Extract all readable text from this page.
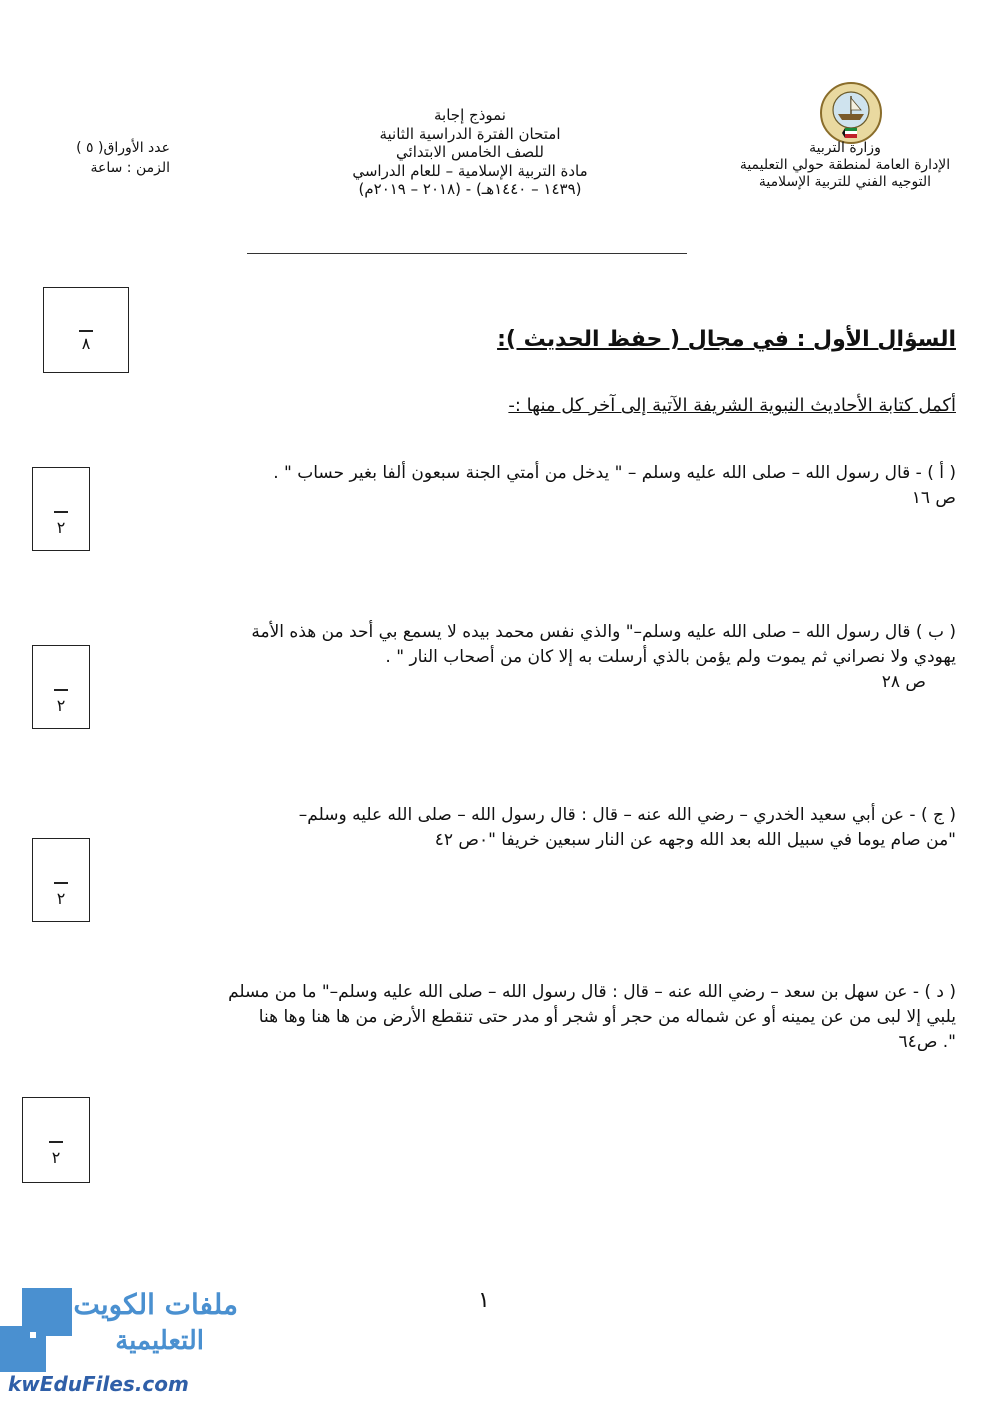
وزارة التربية
الإدارة العامة لمنطقة حولي التعليمية
التوجيه الفني للتربية الإسلامية
نموذج إجابة
امتحان الفترة الدراسية الثانية
للصف الخامس الابتدائي
مادة التربية الإسلامية – للعام الدراسي
(١٤٣٩ – ١٤٤٠هـ) - (٢٠١٨ – ٢٠١٩م)
عدد الأوراق( ٥ )
الزمن : ساعة
٨	السؤال الأول : في مجال ( حفظ الحديث ):
أكمل كتابة الأحاديث النبوية الشريفة الآتية إلى آخر كل منها :-
٢
( أ ) - قال رسول الله – صلى الله عليه وسلم – " يدخل من أمتي الجنة سبعون ألفا بغير حساب " .
ص ١٦
٢
( ب ) قال رسول الله – صلى الله عليه وسلم–" والذي نفس محمد بيده لا يسمع بي أحد من هذه الأمة
يهودي ولا نصراني ثم يموت ولم يؤمن بالذي أرسلت به إلا كان من أصحاب النار " .
ص ٢٨
٢
( ج ) - عن أبي سعيد الخدري – رضي الله عنه – قال : قال رسول الله – صلى الله عليه وسلم–
"من صام يوما في سبيل الله بعد الله وجهه عن النار سبعين خريفا "٠ص ٤٢
( د ) - عن سهل بن سعد – رضي الله عنه – قال : قال رسول الله – صلى الله عليه وسلم–" ما من مسلم
يلبي إلا لبى من عن يمينه أو عن شماله من حجر أو شجر أو مدر حتى تنقطع الأرض من ها هنا وها هنا
". ص٦٤
٢
١
ملفات الكويت
التعليمية
kwEduFiles.com
